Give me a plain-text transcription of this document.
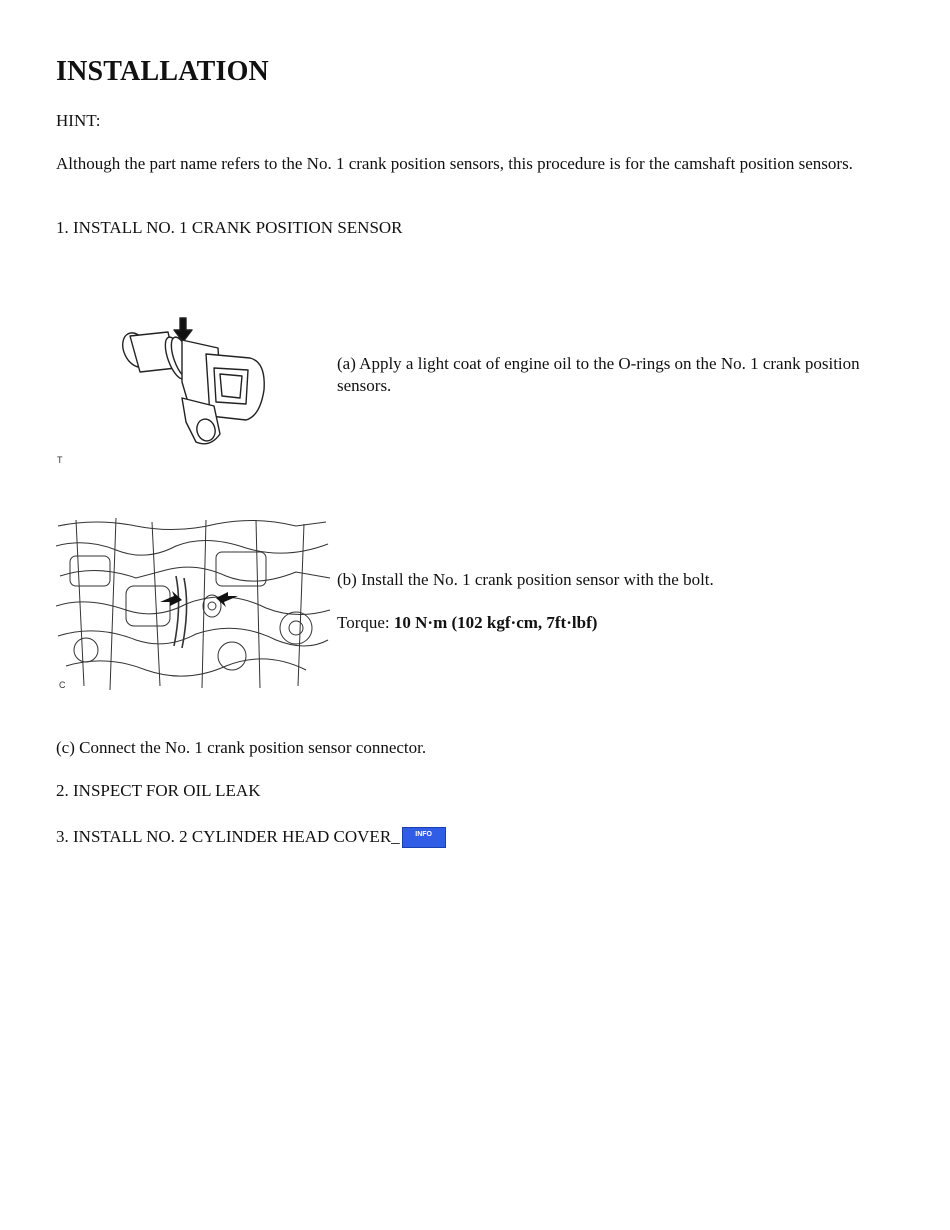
INSTALLATION

HINT:

Although the part name refers to the No. 1 crank position sensors, this procedure is for the camshaft position sensors.

1. INSTALL NO. 1 CRANK POSITION SENSOR

T

(a) Apply a light coat of engine oil to the O-rings on the No. 1 crank position sensors.

C

(b) Install the No. 1 crank position sensor with the bolt.

Torque: 10 N·m (102 kgf·cm, 7ft·lbf)

(c) Connect the No. 1 crank position sensor connector.

2. INSPECT FOR OIL LEAK

3. INSTALL NO. 2 CYLINDER HEAD COVER_ INFO
